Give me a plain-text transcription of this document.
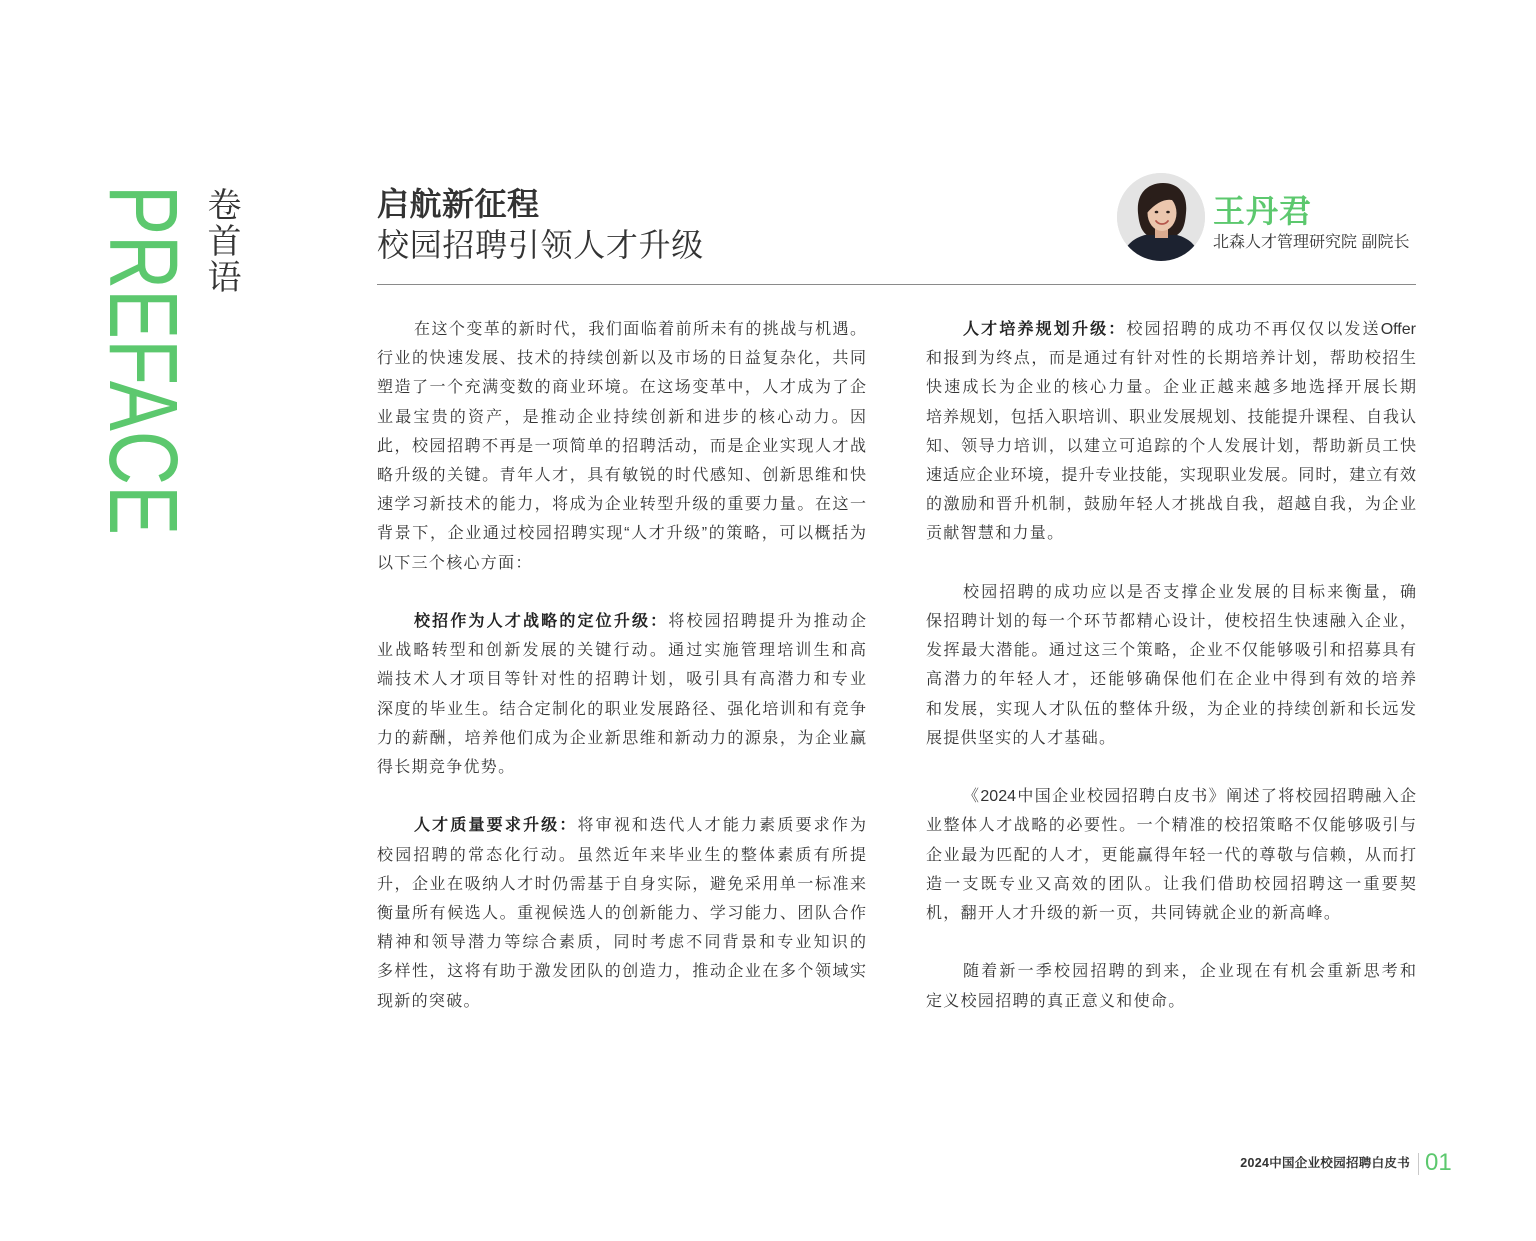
PREFACE 卷首语	启航新征程
校园招聘引领人才升级
王丹君
北森人才管理研究院 副院长
在这个变革的新时代，我们面临着前所未有的挑战与机遇。
行业的快速发展、技术的持续创新以及市场的日益复杂化，共同
塑造了一个充满变数的商业环境。在这场变革中，人才成为了企
业最宝贵的资产，是推动企业持续创新和进步的核心动力。因
此，校园招聘不再是一项简单的招聘活动，而是企业实现人才战
略升级的关键。青年人才，具有敏锐的时代感知、创新思维和快
速学习新技术的能力，将成为企业转型升级的重要力量。在这一
背景下，企业通过校园招聘实现“人才升级”的策略，可以概括为
以下三个核心方面：
校招作为人才战略的定位升级：将校园招聘提升为推动企
业战略转型和创新发展的关键行动。通过实施管理培训生和高
端技术人才项目等针对性的招聘计划，吸引具有高潜力和专业
深度的毕业生。结合定制化的职业发展路径、强化培训和有竞争
力的薪酬，培养他们成为企业新思维和新动力的源泉，为企业赢
得长期竞争优势。
人才质量要求升级：将审视和迭代人才能力素质要求作为
校园招聘的常态化行动。虽然近年来毕业生的整体素质有所提
升，企业在吸纳人才时仍需基于自身实际，避免采用单一标准来
衡量所有候选人。重视候选人的创新能力、学习能力、团队合作
精神和领导潜力等综合素质，同时考虑不同背景和专业知识的
多样性，这将有助于激发团队的创造力，推动企业在多个领域实
现新的突破。
人才培养规划升级：校园招聘的成功不再仅仅以发送Offer
和报到为终点，而是通过有针对性的长期培养计划，帮助校招生
快速成长为企业的核心力量。企业正越来越多地选择开展长期
培养规划，包括入职培训、职业发展规划、技能提升课程、自我认
知、领导力培训，以建立可追踪的个人发展计划，帮助新员工快
速适应企业环境，提升专业技能，实现职业发展。同时，建立有效
的激励和晋升机制，鼓励年轻人才挑战自我，超越自我，为企业
贡献智慧和力量。
校园招聘的成功应以是否支撑企业发展的目标来衡量，确
保招聘计划的每一个环节都精心设计，使校招生快速融入企业，
发挥最大潜能。通过这三个策略，企业不仅能够吸引和招募具有
高潜力的年轻人才，还能够确保他们在企业中得到有效的培养
和发展，实现人才队伍的整体升级，为企业的持续创新和长远发
展提供坚实的人才基础。
《2024中国企业校园招聘白皮书》阐述了将校园招聘融入企
业整体人才战略的必要性。一个精准的校招策略不仅能够吸引与
企业最为匹配的人才，更能赢得年轻一代的尊敬与信赖，从而打
造一支既专业又高效的团队。让我们借助校园招聘这一重要契
机，翻开人才升级的新一页，共同铸就企业的新高峰。
随着新一季校园招聘的到来，企业现在有机会重新思考和
定义校园招聘的真正意义和使命。
2024中国企业校园招聘白皮书 01
